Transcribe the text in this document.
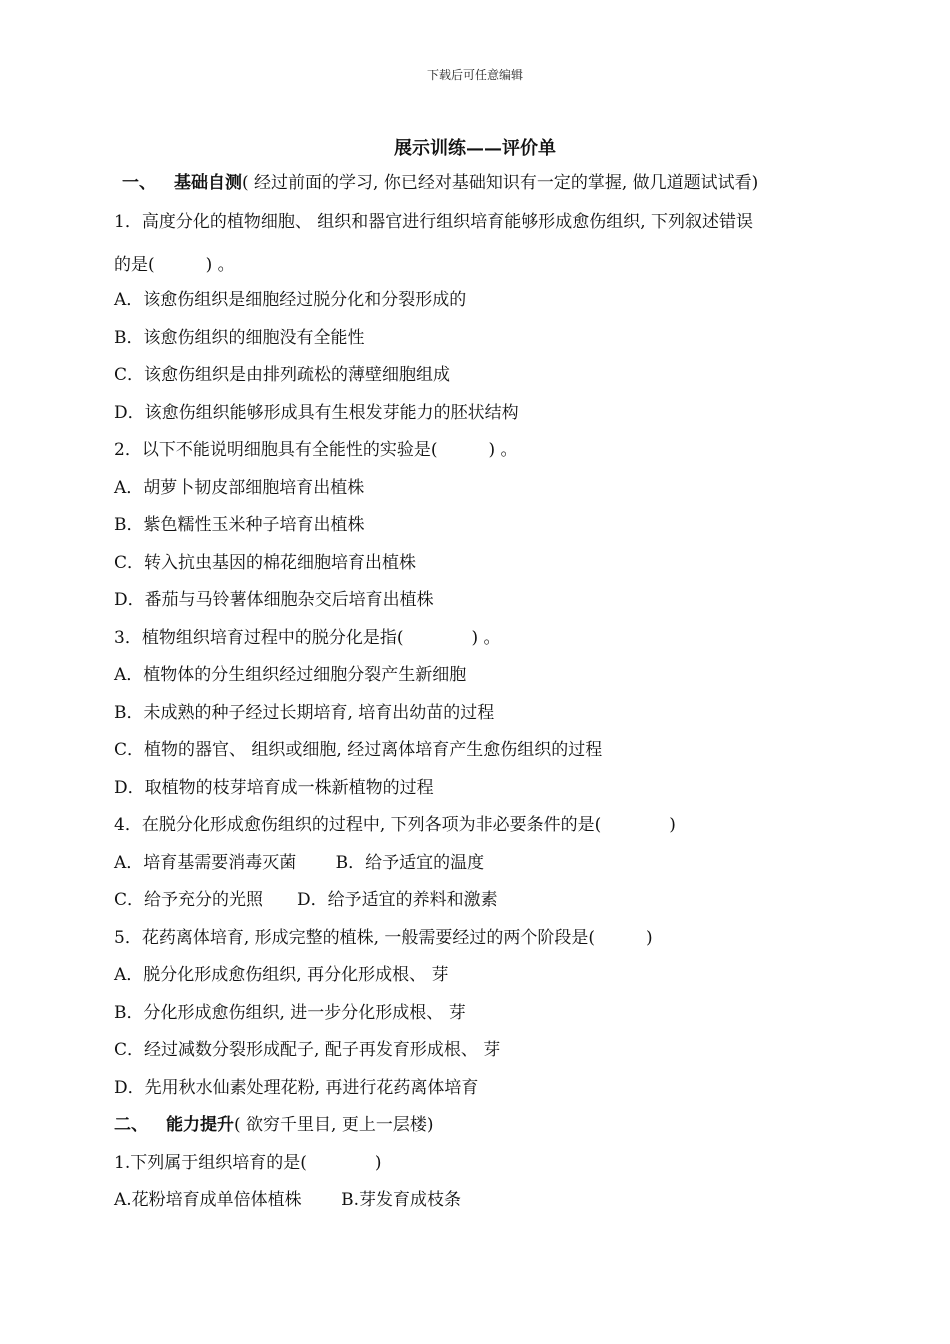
下载后可任意编辑
展示训练——评价单
一、 基础自测( 经过前面的学习, 你已经对基础知识有一定的掌握, 做几道题试试看)
1．高度分化的植物细胞、 组织和器官进行组织培育能够形成愈伤组织, 下列叙述错误
的是(　　　) 。
A．该愈伤组织是细胞经过脱分化和分裂形成的
B．该愈伤组织的细胞没有全能性
C．该愈伤组织是由排列疏松的薄壁细胞组成
D．该愈伤组织能够形成具有生根发芽能力的胚状结构
2．以下不能说明细胞具有全能性的实验是(　　　) 。
A．胡萝卜韧皮部细胞培育出植株
B．紫色糯性玉米种子培育出植株
C．转入抗虫基因的棉花细胞培育出植株
D．番茄与马铃薯体细胞杂交后培育出植株
3．植物组织培育过程中的脱分化是指(　　　　) 。
A．植物体的分生组织经过细胞分裂产生新细胞
B．未成熟的种子经过长期培育, 培育出幼苗的过程
C．植物的器官、 组织或细胞, 经过离体培育产生愈伤组织的过程
D．取植物的枝芽培育成一株新植物的过程
4．在脱分化形成愈伤组织的过程中, 下列各项为非必要条件的是(　　　　)
A．培育基需要消毒灭菌　　 B．给予适宜的温度
C．给予充分的光照　　D．给予适宜的养料和激素
5．花药离体培育, 形成完整的植株, 一般需要经过的两个阶段是(　　　)
A．脱分化形成愈伤组织, 再分化形成根、 芽
B．分化形成愈伤组织, 进一步分化形成根、 芽
C．经过减数分裂形成配子, 配子再发育形成根、 芽
D．先用秋水仙素处理花粉, 再进行花药离体培育
二、 能力提升( 欲穷千里目, 更上一层楼)
1.下列属于组织培育的是(　　　　)
A.花粉培育成单倍体植株　　 B.芽发育成枝条
